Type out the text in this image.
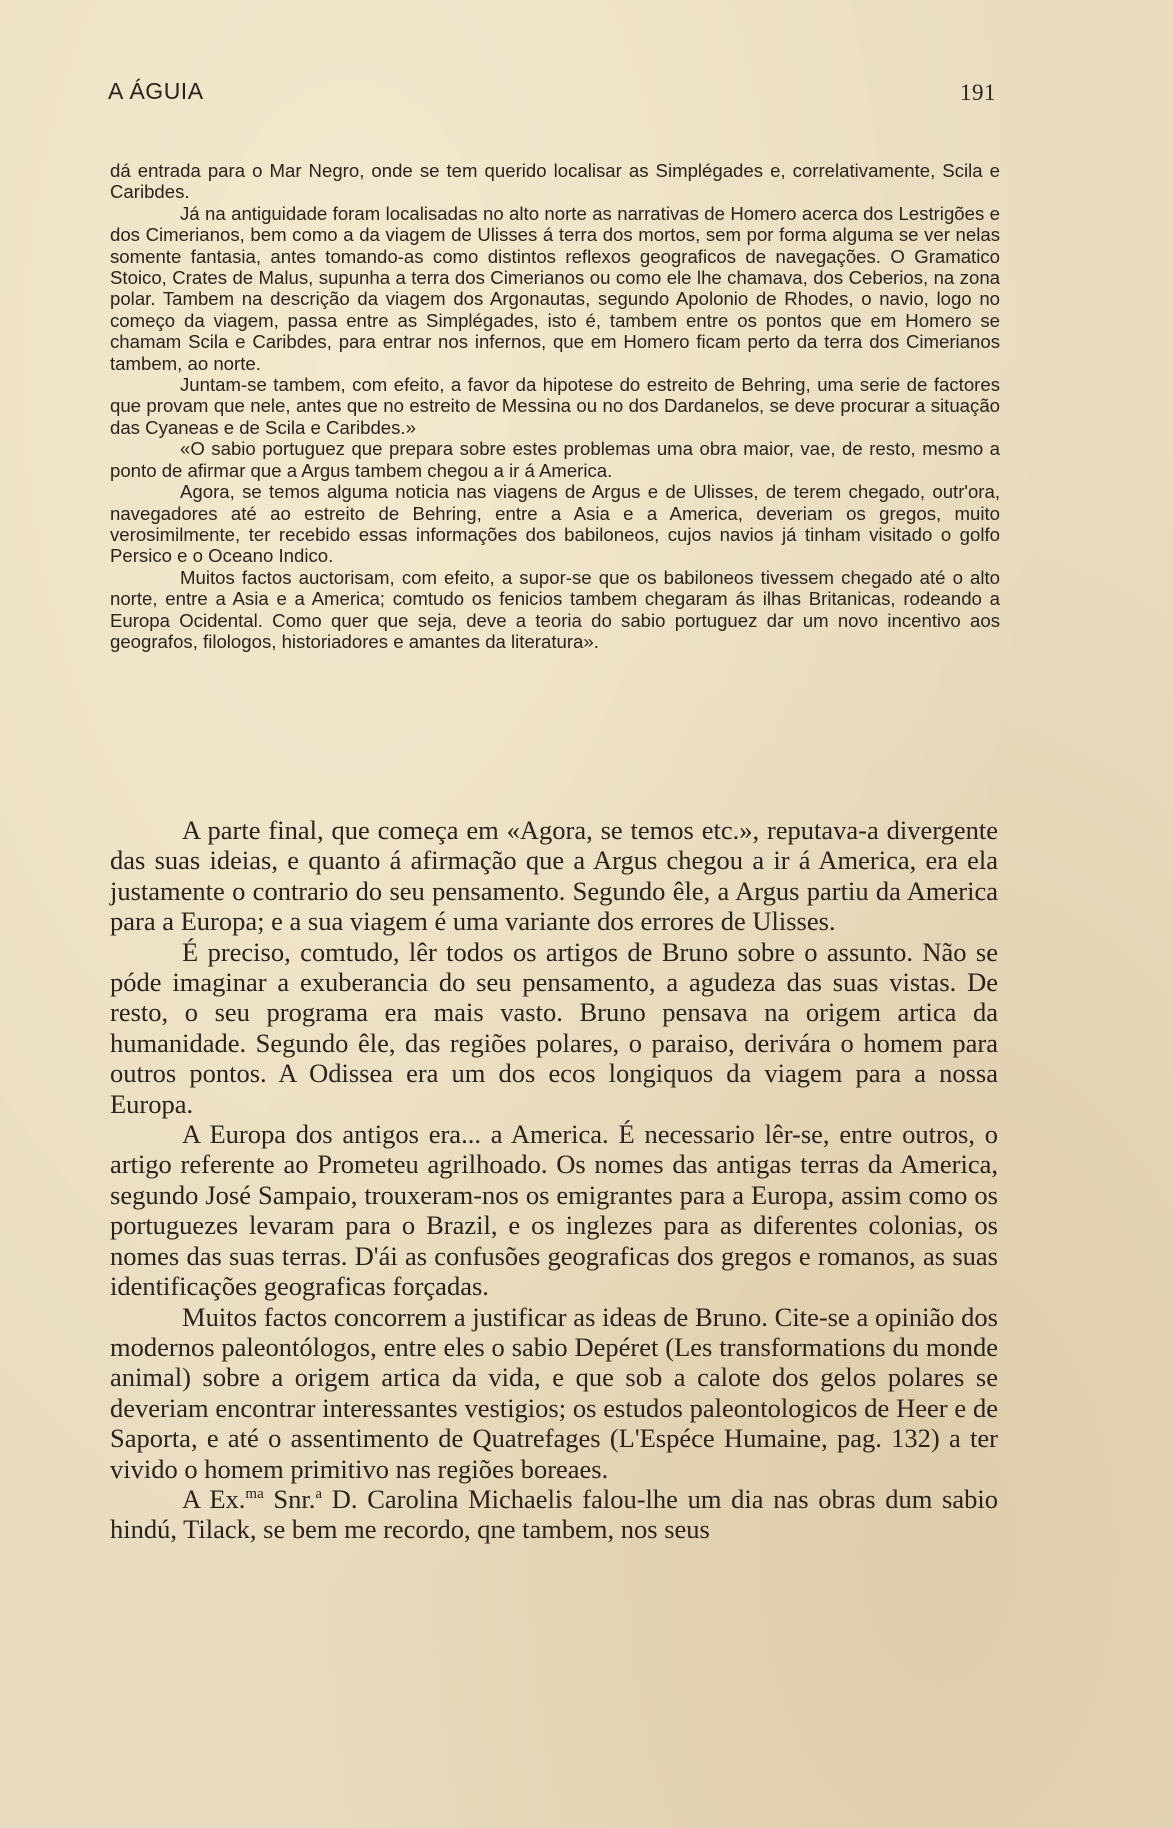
A ÁGUIA	191

dá entrada para o Mar Negro, onde se tem querido localisar as Simplégades e, correlativamente, Scila e Caribdes.

Já na antiguidade foram localisadas no alto norte as narrativas de Homero acerca dos Lestrigões e dos Cimerianos, bem como a da viagem de Ulisses á terra dos mortos, sem por forma alguma se ver nelas somente fantasia, antes tomando-as como distintos reflexos geograficos de navegações. O Gramatico Stoico, Crates de Malus, supunha a terra dos Cimerianos ou como ele lhe chamava, dos Ceberios, na zona polar. Tambem na descrição da viagem dos Argonautas, segundo Apolonio de Rhodes, o navio, logo no começo da viagem, passa entre as Simplégades, isto é, tambem entre os pontos que em Homero se chamam Scila e Caribdes, para entrar nos infernos, que em Homero ficam perto da terra dos Cimerianos tambem, ao norte.

Juntam-se tambem, com efeito, a favor da hipotese do estreito de Behring, uma serie de factores que provam que nele, antes que no estreito de Messina ou no dos Dardanelos, se deve procurar a situação das Cyaneas e de Scila e Caribdes.»

«O sabio portuguez que prepara sobre estes problemas uma obra maior, vae, de resto, mesmo a ponto de afirmar que a Argus tambem chegou a ir á America.

Agora, se temos alguma noticia nas viagens de Argus e de Ulisses, de terem chegado, outr'ora, navegadores até ao estreito de Behring, entre a Asia e a America, deveriam os gregos, muito verosimilmente, ter recebido essas informações dos babiloneos, cujos navios já tinham visitado o golfo Persico e o Oceano Indico.

Muitos factos auctorisam, com efeito, a supor-se que os babiloneos tivessem chegado até o alto norte, entre a Asia e a America; comtudo os fenicios tambem chegaram ás ilhas Britanicas, rodeando a Europa Ocidental. Como quer que seja, deve a teoria do sabio portuguez dar um novo incentivo aos geografos, filologos, historiadores e amantes da literatura».

A parte final, que começa em «Agora, se temos etc.», reputava-a divergente das suas ideias, e quanto á afirmação que a Argus chegou a ir á America, era ela justamente o contrario do seu pensamento. Segundo êle, a Argus partiu da America para a Europa; e a sua viagem é uma variante dos errores de Ulisses.

É preciso, comtudo, lêr todos os artigos de Bruno sobre o assunto. Não se póde imaginar a exuberancia do seu pensamento, a agudeza das suas vistas. De resto, o seu programa era mais vasto. Bruno pensava na origem artica da humanidade. Segundo êle, das regiões polares, o paraiso, derivára o homem para outros pontos. A Odissea era um dos ecos longiquos da viagem para a nossa Europa.

A Europa dos antigos era... a America. É necessario lêr-se, entre outros, o artigo referente ao Prometeu agrilhoado. Os nomes das antigas terras da America, segundo José Sampaio, trouxeram-nos os emigrantes para a Europa, assim como os portuguezes levaram para o Brazil, e os inglezes para as diferentes colonias, os nomes das suas terras. D'ái as confusões geograficas dos gregos e romanos, as suas identificações geograficas forçadas.

Muitos factos concorrem a justificar as ideas de Bruno. Cite-se a opinião dos modernos paleontólogos, entre eles o sabio Depéret (Les transformations du monde animal) sobre a origem artica da vida, e que sob a calote dos gelos polares se deveriam encontrar interessantes vestigios; os estudos paleontologicos de Heer e de Saporta, e até o assentimento de Quatrefages (L'Espéce Humaine, pag. 132) a ter vivido o homem primitivo nas regiões boreaes.

A Ex.$^{ma}$ Snr.$^a$ D. Carolina Michaelis falou-lhe um dia nas obras dum sabio hindú, Tilack, se bem me recordo, qne tambem, nos seus
